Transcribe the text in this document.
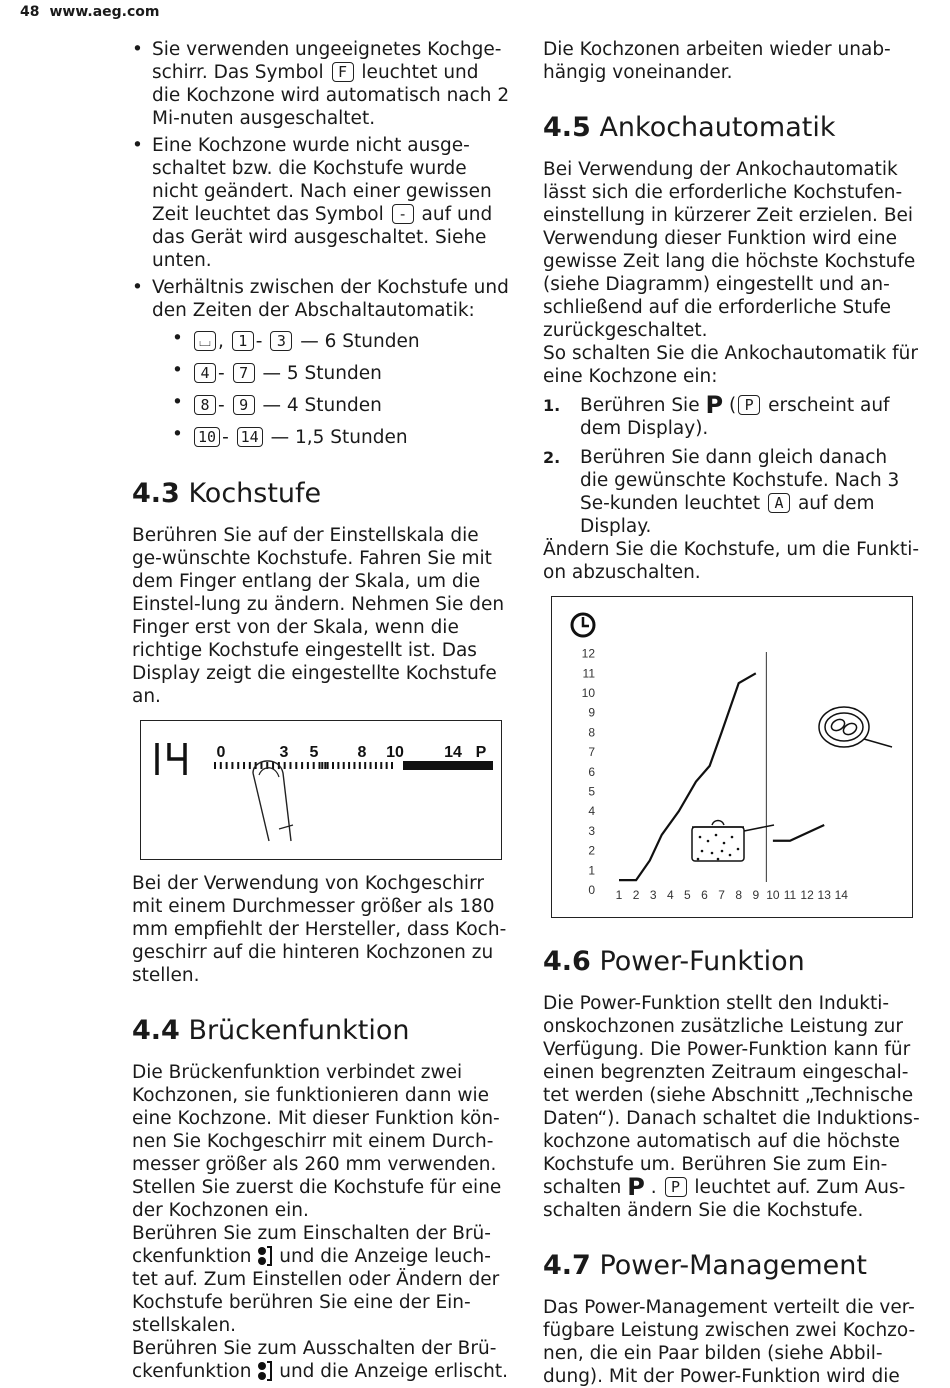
48 www.aeg.com
• Sie verwenden ungeeignetes Kochge-schirr. Das Symbol F leuchtet und die Kochzone wird automatisch nach 2 Mi-nuten ausgeschaltet.
• Eine Kochzone wurde nicht ausge-schaltet bzw. die Kochstufe wurde nicht geändert. Nach einer gewissen Zeit leuchtet das Symbol - auf und das Gerät wird ausgeschaltet. Siehe unten.
• Verhältnis zwischen der Kochstufe und den Zeiten der Abschaltautomatik:
• ⌴ , 1 - 3 — 6 Stunden
• 4 - 7 — 5 Stunden
• 8 - 9 — 4 Stunden
• 10 - 14 — 1,5 Stunden
4.3 Kochstufe

Berühren Sie auf der Einstellskala die ge-wünschte Kochstufe. Fahren Sie mit dem Finger entlang der Skala, um die Einstel-lung zu ändern. Nehmen Sie den Finger erst von der Skala, wenn die richtige Kochstufe eingestellt ist. Das Display zeigt die eingestellte Kochstufe an.

0	3 5 8 10	14 P

Bei der Verwendung von Kochgeschirr mit einem Durchmesser größer als 180 mm empfiehlt der Hersteller, dass Koch-geschirr auf die hinteren Kochzonen zu stellen.

4.4 Brückenfunktion

Die Brückenfunktion verbindet zwei Kochzonen, sie funktionieren dann wie eine Kochzone. Mit dieser Funktion kön-nen Sie Kochgeschirr mit einem Durch-messer größer als 260 mm verwenden. Stellen Sie zuerst die Kochstufe für eine der Kochzonen ein.

Berühren Sie zum Einschalten der Brü-ckenfunktion und die Anzeige leuch-tet auf. Zum Einstellen oder Ändern der Kochstufe berühren Sie eine der Ein-stellskalen.

Berühren Sie zum Ausschalten der Brü-ckenfunktion und die Anzeige erlischt.

Die Kochzonen arbeiten wieder unab-hängig voneinander.

4.5 Ankochautomatik

Bei Verwendung der Ankochautomatik lässt sich die erforderliche Kochstufen-einstellung in kürzerer Zeit erzielen. Bei Verwendung dieser Funktion wird eine gewisse Zeit lang die höchste Kochstufe (siehe Diagramm) eingestellt und an-schließend auf die erforderliche Stufe zurückgeschaltet.

So schalten Sie die Ankochautomatik für eine Kochzone ein:

1. Berühren Sie P ( P erscheint auf dem Display).
2. Berühren Sie dann gleich danach die gewünschte Kochstufe. Nach 3 Se-kunden leuchtet A auf dem Display.

Ändern Sie die Kochstufe, um die Funkti-on abzuschalten.

0
1
2
3
4
5
6
7
8
9
10
11
12
1 2 3 4 5 6 7 8 9 10 11 12 13 14
4.6 Power-Funktion

Die Power-Funktion stellt den Indukti-onskochzonen zusätzliche Leistung zur Verfügung. Die Power-Funktion kann für einen begrenzten Zeitraum eingeschal-tet werden (siehe Abschnitt „Technische Daten“). Danach schaltet die Induktions-kochzone automatisch auf die höchste Kochstufe um. Berühren Sie zum Ein-schalten P . P leuchtet auf. Zum Aus-schalten ändern Sie die Kochstufe.

4.7 Power-Management

Das Power-Management verteilt die ver-fügbare Leistung zwischen zwei Kochzo-nen, die ein Paar bilden (siehe Abbil-dung). Mit der Power-Funktion wird die
